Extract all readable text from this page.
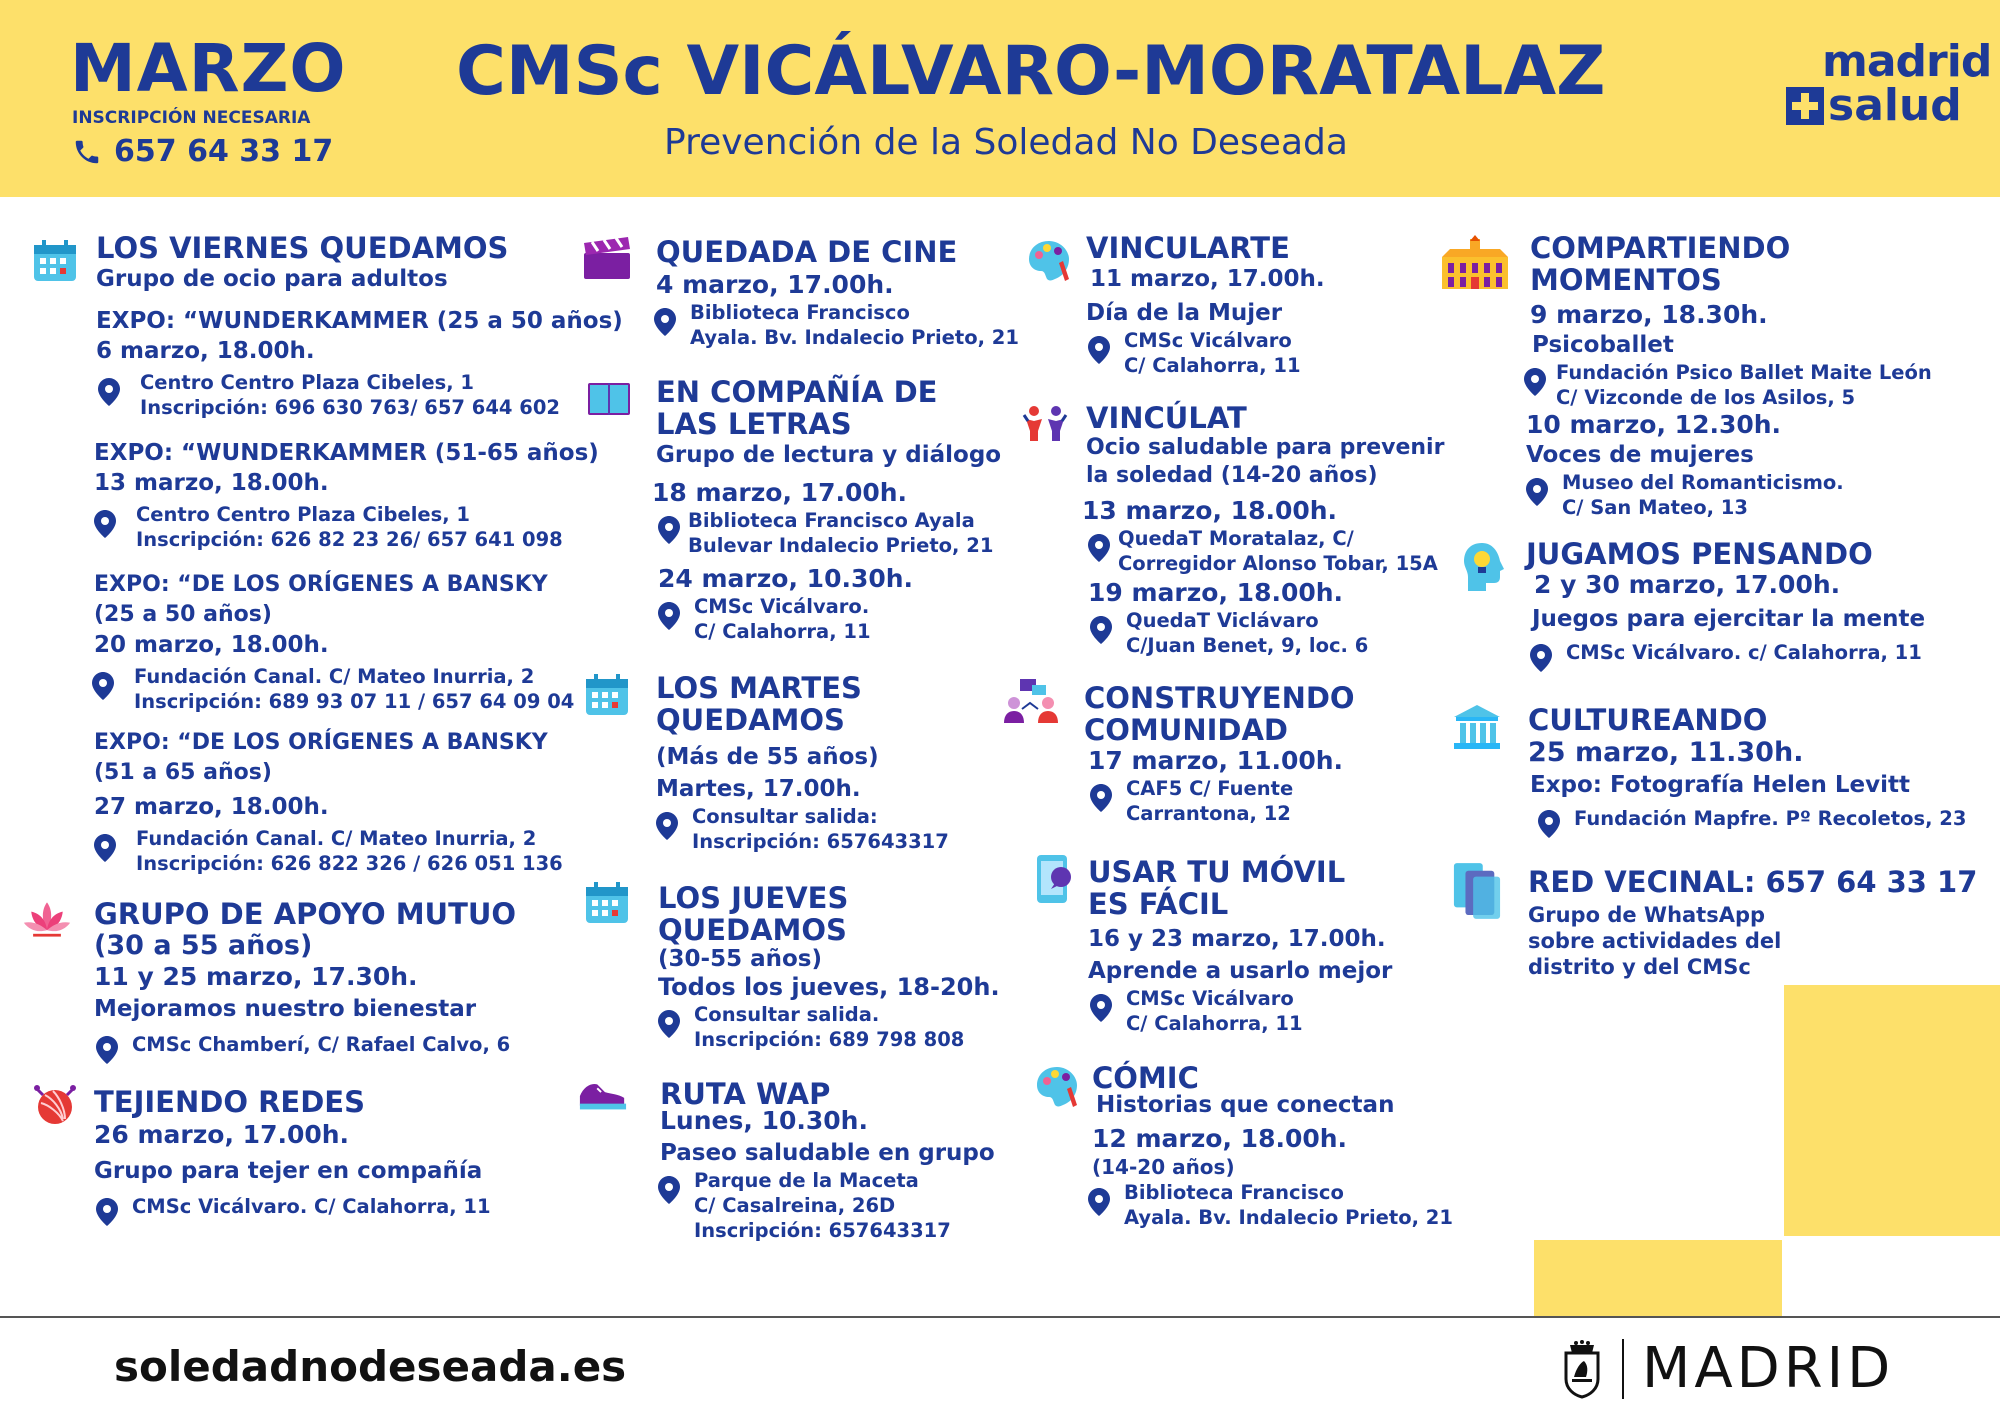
MARZO
INSCRIPCIÓN NECESARIA
657 64 33 17
CMSc VICÁLVARO-MORATALAZ
Prevención de la Soledad No Deseada
madrid
salud
LOS VIERNES QUEDAMOS
Grupo de ocio para adultos
EXPO: “WUNDERKAMMER (25 a 50 años)
6 marzo, 18.00h.
Centro Centro Plaza Cibeles, 1
Inscripción: 696 630 763/ 657 644 602
EXPO: “WUNDERKAMMER (51-65 años)
13 marzo, 18.00h.
Centro Centro Plaza Cibeles, 1
Inscripción: 626 82 23 26/ 657 641 098
EXPO: “DE LOS ORÍGENES A BANSKY
(25 a 50 años)
20 marzo, 18.00h.
Fundación Canal. C/ Mateo Inurria, 2
Inscripción: 689 93 07 11 / 657 64 09 04
EXPO: “DE LOS ORÍGENES A BANSKY
(51 a 65 años)
27 marzo, 18.00h.
Fundación Canal. C/ Mateo Inurria, 2
Inscripción: 626 822 326 / 626 051 136
GRUPO DE APOYO MUTUO
(30 a 55 años)
11 y 25 marzo, 17.30h.
Mejoramos nuestro bienestar
CMSc Chamberí, C/ Rafael Calvo, 6
TEJIENDO REDES
26 marzo, 17.00h.
Grupo para tejer en compañía
CMSc Vicálvaro. C/ Calahorra, 11
QUEDADA DE CINE
4 marzo, 17.00h.
Biblioteca Francisco
Ayala. Bv. Indalecio Prieto, 21
EN COMPAÑÍA DE
LAS LETRAS
Grupo de lectura y diálogo
18 marzo, 17.00h.
Biblioteca Francisco Ayala
Bulevar Indalecio Prieto, 21
24 marzo, 10.30h.
CMSc Vicálvaro.
C/ Calahorra, 11
LOS MARTES
QUEDAMOS
(Más de 55 años)
Martes, 17.00h.
Consultar salida:
Inscripción: 657643317
LOS JUEVES
QUEDAMOS
(30-55 años)
Todos los jueves, 18-20h.
Consultar salida.
Inscripción: 689 798 808
RUTA WAP
Lunes, 10.30h.
Paseo saludable en grupo
Parque de la Maceta
C/ Casalreina, 26D
Inscripción: 657643317
VINCULARTE
11 marzo, 17.00h.
Día de la Mujer
CMSc Vicálvaro
C/ Calahorra, 11
VINCÚLAT
Ocio saludable para prevenir
la soledad (14-20 años)
13 marzo, 18.00h.
QuedaT Moratalaz, C/
Corregidor Alonso Tobar, 15A
19 marzo, 18.00h.
QuedaT Viclávaro
C/Juan Benet, 9, loc. 6
CONSTRUYENDO
COMUNIDAD
17 marzo, 11.00h.
CAF5 C/ Fuente
Carrantona, 12
USAR TU MÓVIL
ES FÁCIL
16 y 23 marzo, 17.00h.
Aprende a usarlo mejor
CMSc Vicálvaro
C/ Calahorra, 11
CÓMIC
Historias que conectan
12 marzo, 18.00h.
(14-20 años)
Biblioteca Francisco
Ayala. Bv. Indalecio Prieto, 21
COMPARTIENDO
MOMENTOS
9 marzo, 18.30h.
Psicoballet
Fundación Psico Ballet Maite León
C/ Vizconde de los Asilos, 5
10 marzo, 12.30h.
Voces de mujeres
Museo del Romanticismo.
C/ San Mateo, 13
JUGAMOS PENSANDO
2 y 30 marzo, 17.00h.
Juegos para ejercitar la mente
CMSc Vicálvaro. c/ Calahorra, 11
CULTUREANDO
25 marzo, 11.30h.
Expo: Fotografía Helen Levitt
Fundación Mapfre. Pº Recoletos, 23
RED VECINAL: 657 64 33 17
Grupo de WhatsApp
sobre actividades del
distrito y del CMSc
soledadnodeseada.es	MADRID
